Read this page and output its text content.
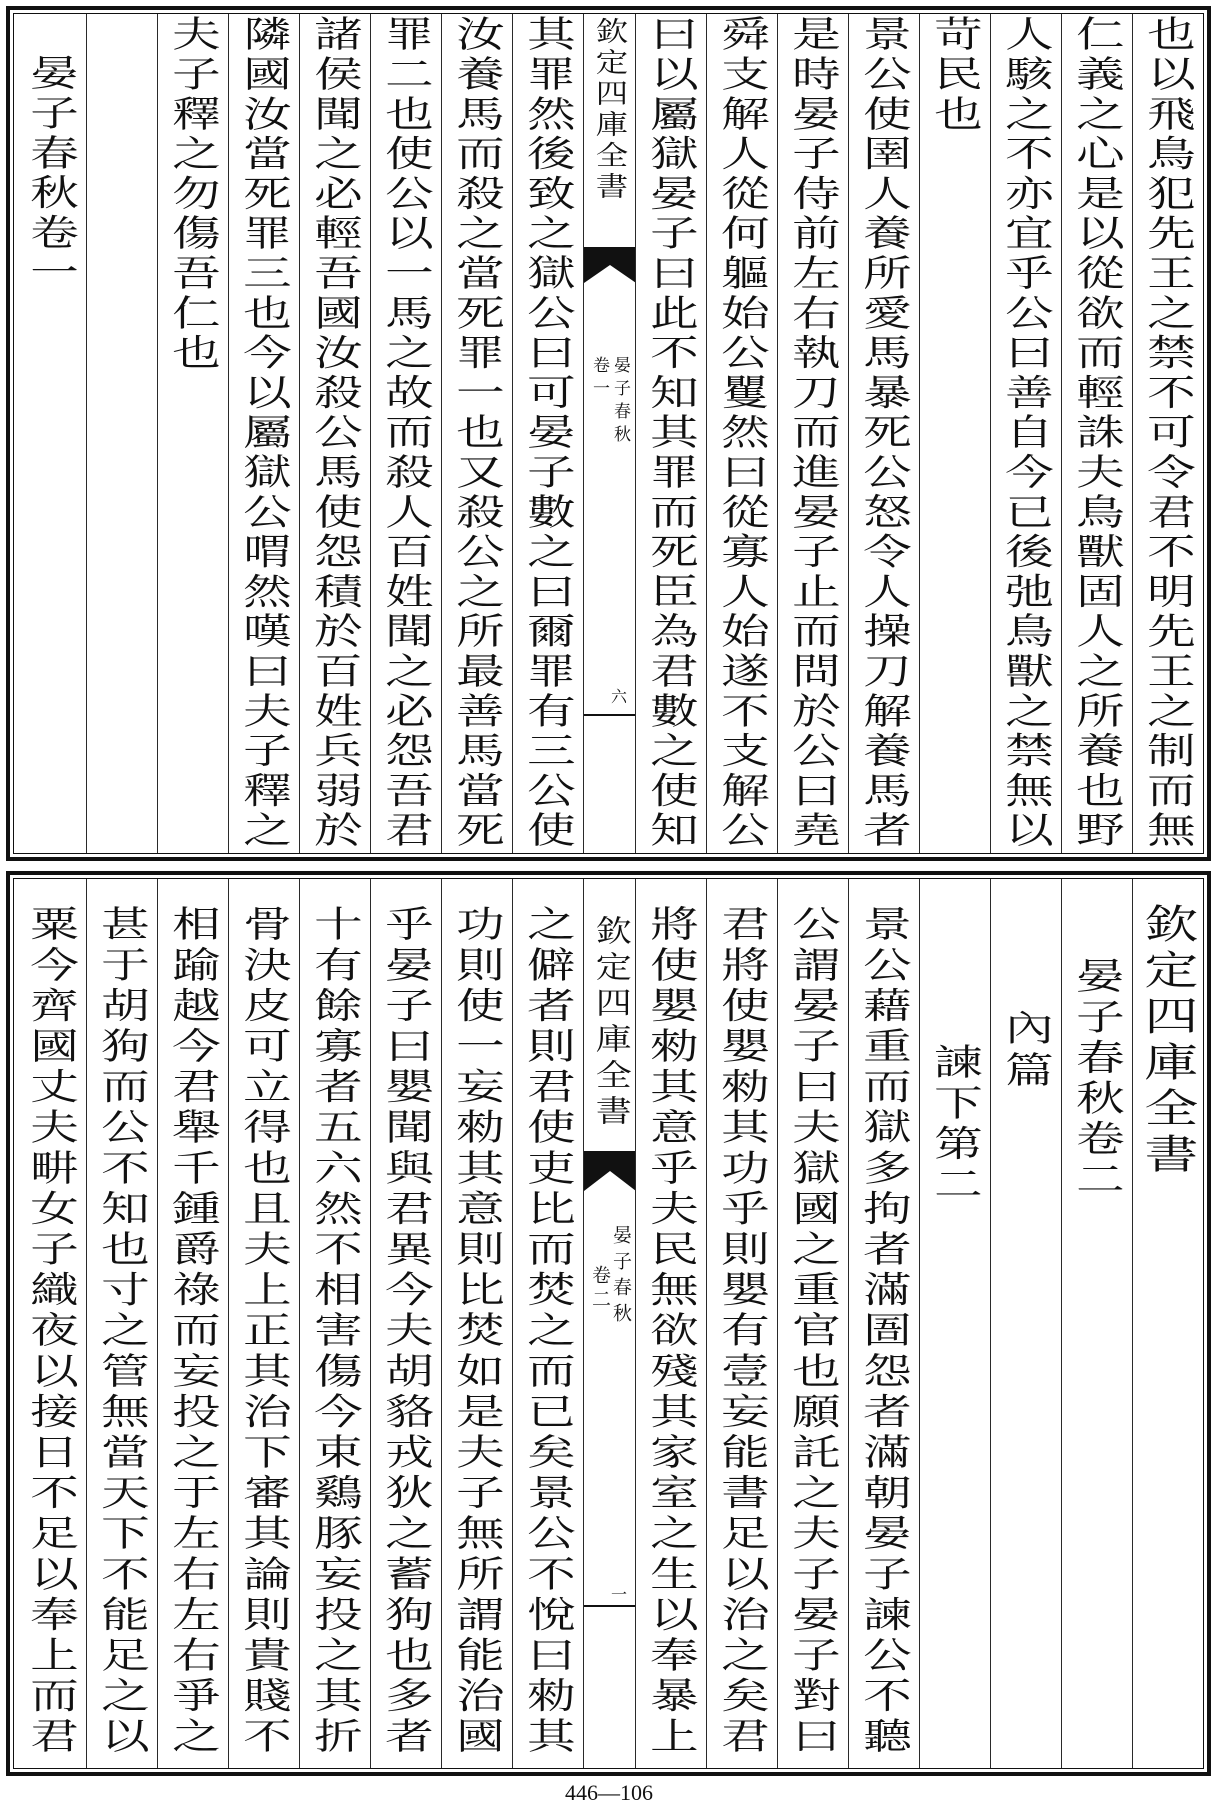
也以飛鳥犯先王之禁不可令君不明先王之制而無
仁義之心是以從欲而輕誅夫鳥獸固人之所養也野
人駭之不亦宜乎公曰善自今已後弛鳥獸之禁無以
苛民也
景公使圉人養所愛馬暴死公怒令人操刀解養馬者
是時晏子侍前左右執刀而進晏子止而問於公曰堯
舜支解人從何軀始公矍然曰從寡人始遂不支解公
曰以屬獄晏子曰此不知其罪而死臣為君數之使知
欽定四庫全書
晏子春秋
卷一
六
其罪然後致之獄公曰可晏子數之曰爾罪有三公使
汝養馬而殺之當死罪一也又殺公之所最善馬當死
罪二也使公以一馬之故而殺人百姓聞之必怨吾君
諸侯聞之必輕吾國汝殺公馬使怨積於百姓兵弱於
隣國汝當死罪三也今以屬獄公喟然嘆曰夫子釋之
夫子釋之勿傷吾仁也
晏子春秋卷一
欽定四庫全書
晏子春秋卷二
內篇
諫下第二
景公藉重而獄多拘者滿圄怨者滿朝晏子諫公不聽
公謂晏子曰夫獄國之重官也願託之夫子晏子對曰
君將使嬰勑其功乎則嬰有壹妄能書足以治之矣君
將使嬰勑其意乎夫民無欲殘其家室之生以奉暴上
欽定四庫全書
晏子春秋
卷二
一
之僻者則君使吏比而焚之而已矣景公不悅曰勑其
功則使一妄勑其意則比焚如是夫子無所謂能治國
乎晏子曰嬰聞與君異今夫胡貉戎狄之蓄狗也多者
十有餘寡者五六然不相害傷今束鷄豚妄投之其折
骨決皮可立得也且夫上正其治下審其論則貴賤不
相踰越今君舉千鍾爵祿而妄投之于左右左右爭之
甚于胡狗而公不知也寸之管無當天下不能足之以
粟今齊國丈夫畊女子織夜以接日不足以奉上而君
446—106
